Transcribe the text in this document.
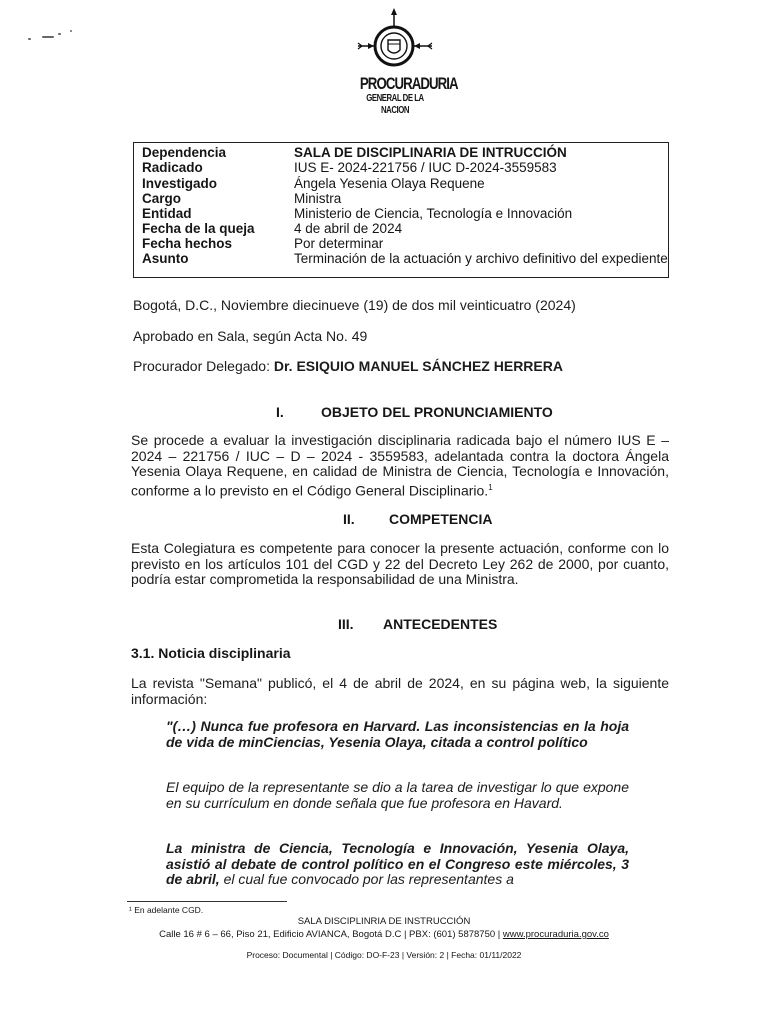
PROCURADURIA
GENERAL DE LA NACION
Dependencia	SALA DE DISCIPLINARIA DE INTRUCCIÓN
Radicado	IUS E- 2024-221756 / IUC D-2024-3559583
Investigado	Ángela Yesenia Olaya Requene
Cargo	Ministra
Entidad	Ministerio de Ciencia, Tecnología e Innovación
Fecha de la queja	4 de abril de 2024
Fecha hechos	Por determinar
Asunto	Terminación de la actuación y archivo definitivo del expediente
Bogotá, D.C., Noviembre diecinueve (19) de dos mil veinticuatro (2024)
Aprobado en Sala, según Acta No. 49
Procurador Delegado: Dr. ESIQUIO MANUEL SÁNCHEZ HERRERA
I.	OBJETO DEL PRONUNCIAMIENTO
Se procede a evaluar la investigación disciplinaria radicada bajo el número IUS E – 2024 – 221756 / IUC – D – 2024 - 3559583, adelantada contra la doctora Ángela Yesenia Olaya Requene, en calidad de Ministra de Ciencia, Tecnología e Innovación, conforme a lo previsto en el Código General Disciplinario.$^1$
II. COMPETENCIA
Esta Colegiatura es competente para conocer la presente actuación, conforme con lo previsto en los artículos 101 del CGD y 22 del Decreto Ley 262 de 2000, por cuanto, podría estar comprometida la responsabilidad de una Ministra.
III. ANTECEDENTES
3.1. Noticia disciplinaria
La revista "Semana" publicó, el 4 de abril de 2024, en su página web, la siguiente información:
"(…) Nunca fue profesora en Harvard. Las inconsistencias en la hoja de vida de minCiencias, Yesenia Olaya, citada a control político
El equipo de la representante se dio a la tarea de investigar lo que expone en su currículum en donde señala que fue profesora en Havard.
La ministra de Ciencia, Tecnología e Innovación, Yesenia Olaya, asistió al debate de control político en el Congreso este miércoles, 3 de abril, el cual fue convocado por las representantes a
¹ En adelante CGD.
SALA DISCIPLINRIA DE INSTRUCCIÓN
Calle 16 # 6 – 66, Piso 21, Edificio AVIANCA, Bogotá D.C | PBX: (601) 5878750 | www.procuraduria.gov.co
Proceso: Documental | Código: DO-F-23 | Versión: 2 | Fecha: 01/11/2022
